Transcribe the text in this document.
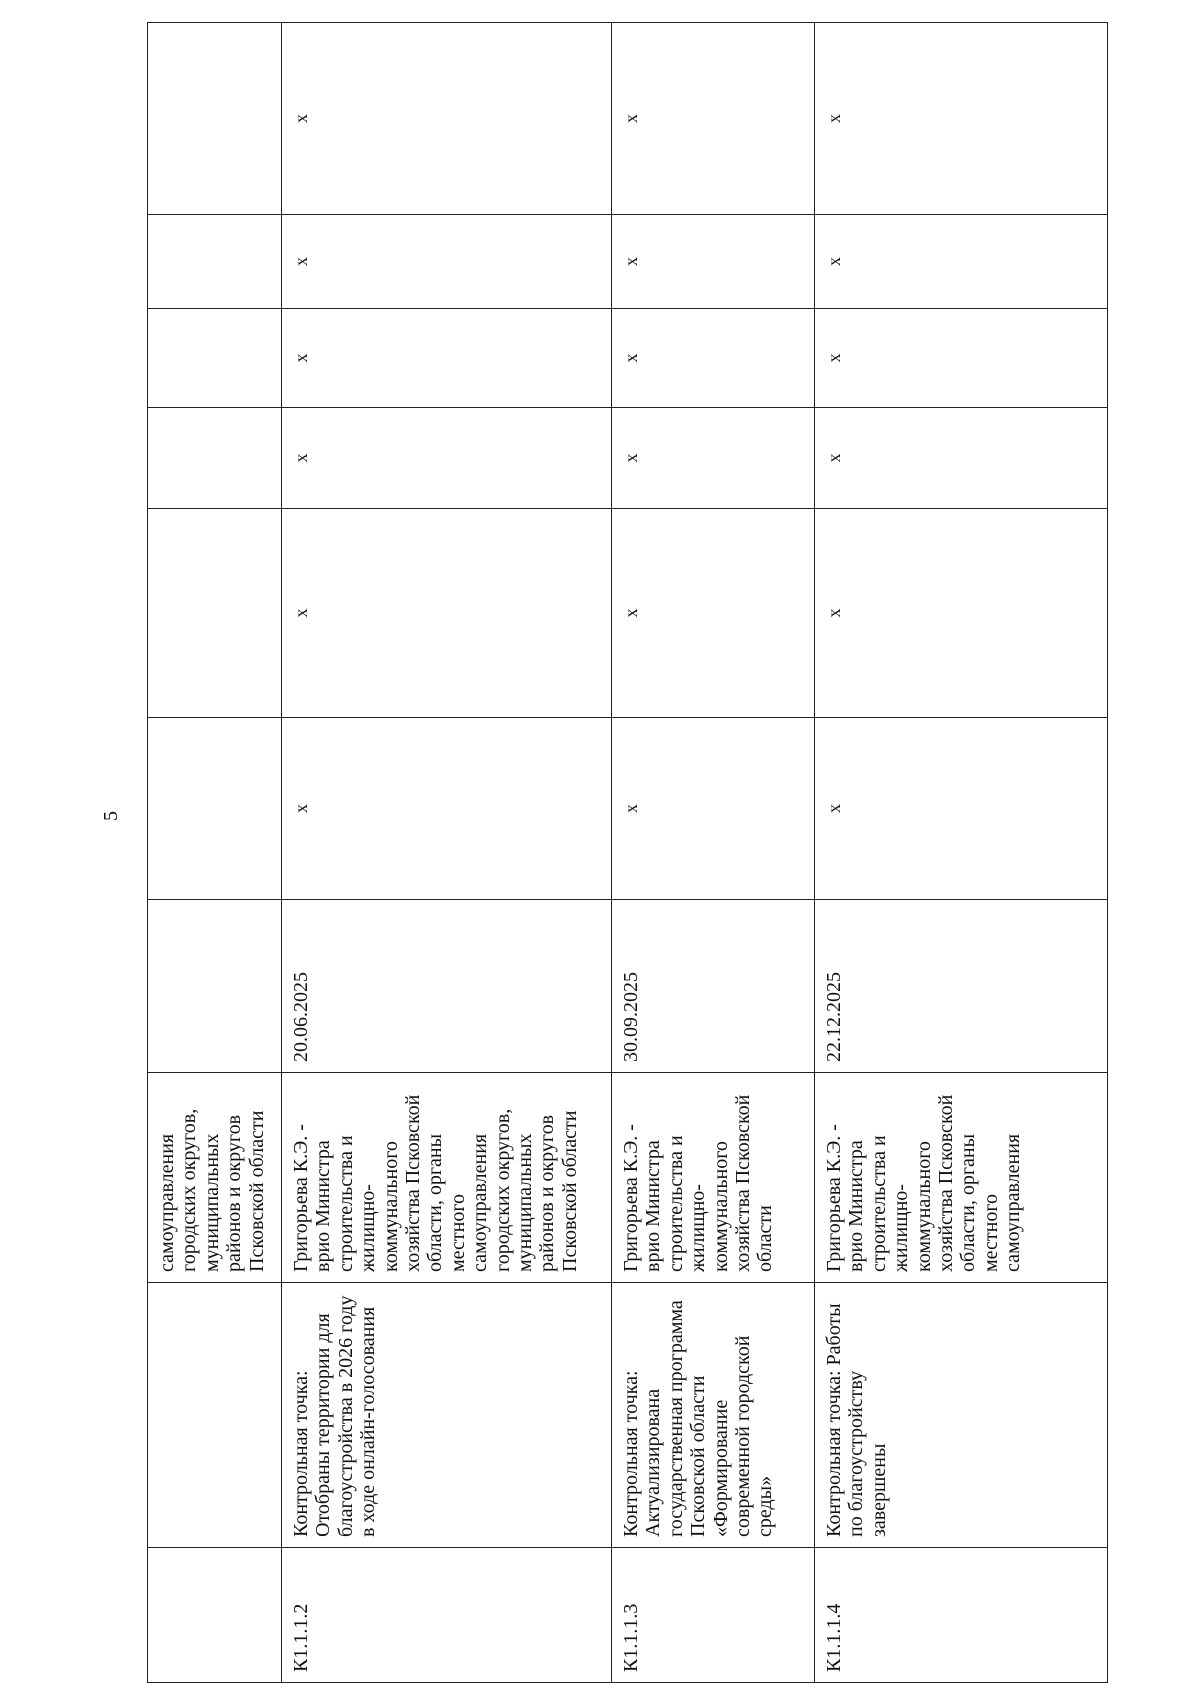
5
		самоуправления городских округов, муниципальных районов и округов Псковской области							
К1.1.1.2	Контрольная точка: Отобраны территории для благоустройства в 2026 году в ходе онлайн-голосования	Григорьева К.Э. - врио Министра строительства и жилищно-коммунального хозяйства Псковской области, органы местного самоуправления городских округов, муниципальных районов и округов Псковской области	20.06.2025	x	x	x	x	x	x
К1.1.1.3	Контрольная точка: Актуализирована государственная программа Псковской области «Формирование современной городской среды»	Григорьева К.Э. - врио Министра строительства и жилищно-коммунального хозяйства Псковской области	30.09.2025	x	x	x	x	x	x
К1.1.1.4	Контрольная точка: Работы по благоустройству завершены	Григорьева К.Э. - врио Министра строительства и жилищно-коммунального хозяйства Псковской области, органы местного самоуправления	22.12.2025	x	x	x	x	x	x
